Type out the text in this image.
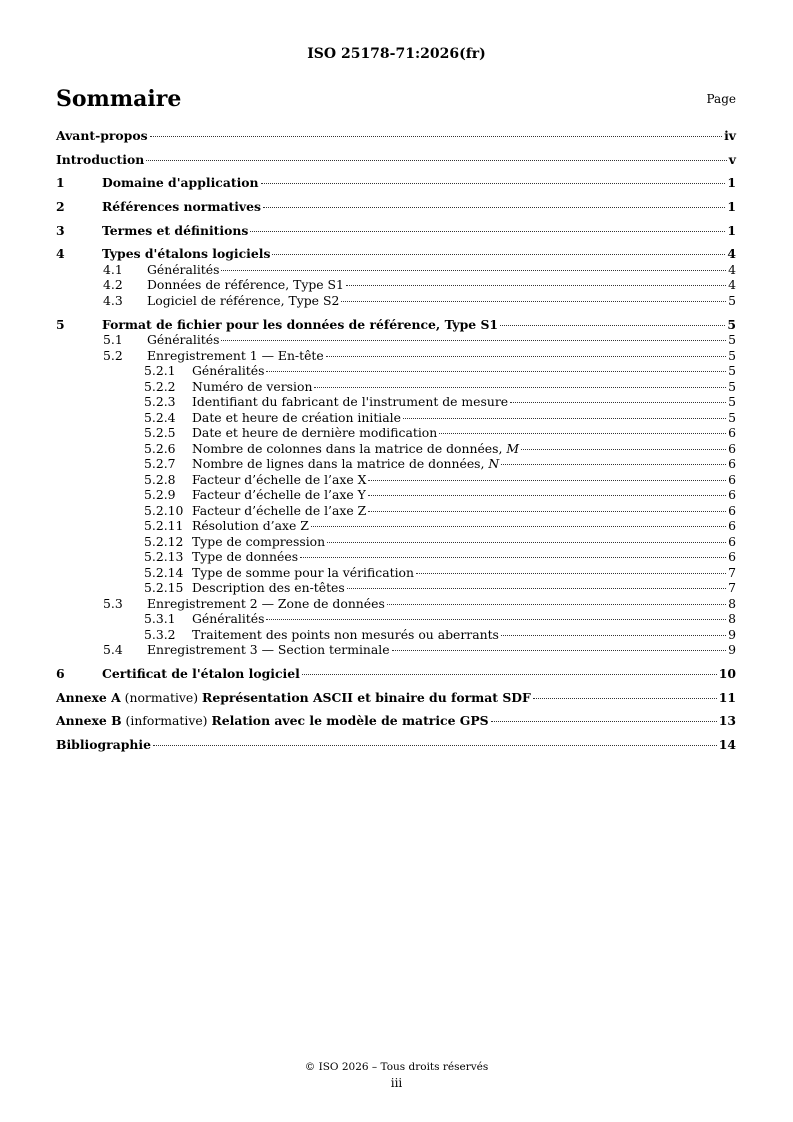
ISO 25178-71:2026(fr)
Sommaire	Page
Avant-propos	iv
Introduction	v
1	Domaine d'application	1
2	Références normatives	1
3	Termes et définitions	1
4	Types d'étalons logiciels	4
4.1	Généralités	4
4.2	Données de référence, Type S1	4
4.3	Logiciel de référence, Type S2	5
5	Format de fichier pour les données de référence, Type S1	5
5.1	Généralités	5
5.2	Enregistrement 1 — En-tête	5
5.2.1	Généralités	5
5.2.2	Numéro de version	5
5.2.3	Identifiant du fabricant de l'instrument de mesure	5
5.2.4	Date et heure de création initiale	5
5.2.5	Date et heure de dernière modification	6
5.2.6	Nombre de colonnes dans la matrice de données, M	6
5.2.7	Nombre de lignes dans la matrice de données, N	6
5.2.8	Facteur d’échelle de l’axe X	6
5.2.9	Facteur d’échelle de l’axe Y	6
5.2.10 Facteur d’échelle de l’axe Z	6
5.2.11 Résolution d’axe Z	6
5.2.12 Type de compression	6
5.2.13 Type de données	6
5.2.14 Type de somme pour la vérification	7
5.2.15 Description des en-têtes	7
5.3	Enregistrement 2 — Zone de données	8
5.3.1	Généralités	8
5.3.2	Traitement des points non mesurés ou aberrants	9
5.4	Enregistrement 3 — Section terminale	9
6	Certificat de l'étalon logiciel	10
Annexe A (normative) Représentation ASCII et binaire du format SDF	11
Annexe B (informative) Relation avec le modèle de matrice GPS	13
Bibliographie	14
© ISO 2026 – Tous droits réservés
iii
